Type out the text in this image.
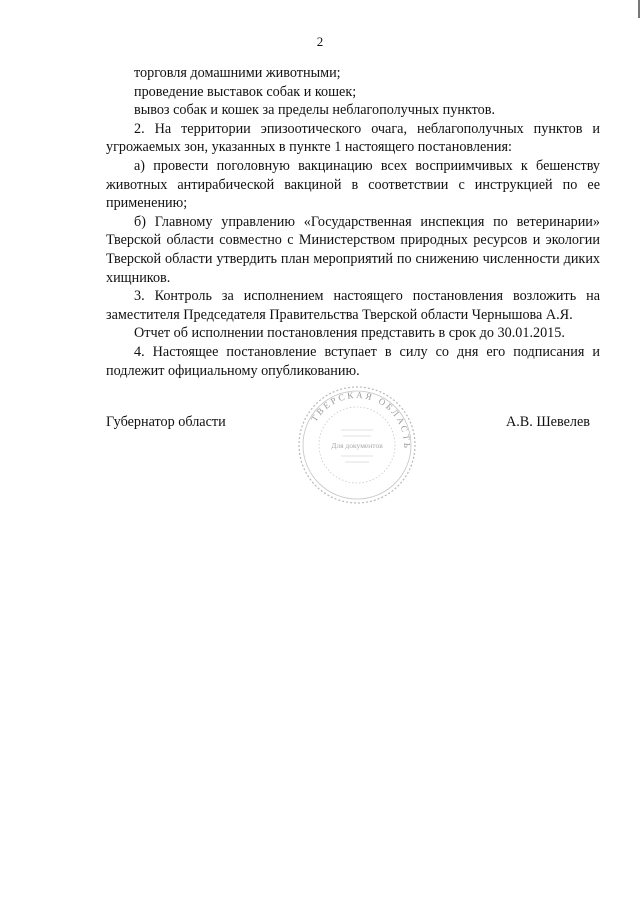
2

торговля домашними животными;

проведение выставок собак и кошек;

вывоз собак и кошек за пределы неблагополучных пунктов.

2. На территории эпизоотического очага, неблагополучных пунктов и угрожаемых зон, указанных в пункте 1 настоящего постановления:

а) провести поголовную вакцинацию всех восприимчивых к бешенству животных антирабической вакциной в соответствии с инструкцией по ее применению;

б) Главному управлению «Государственная инспекция по ветеринарии» Тверской области совместно с Министерством природных ресурсов и экологии Тверской области утвердить план мероприятий по снижению численности диких хищников.

3. Контроль за исполнением настоящего постановления возложить на заместителя Председателя Правительства Тверской области Чернышова А.Я.

Отчет об исполнении постановления представить в срок до 30.01.2015.

4. Настоящее постановление вступает в силу со дня его подписания и подлежит официальному опубликованию.

Губернатор области	А.В. Шевелев
ТВЕРСКАЯ ОБЛАСТЬ
Для документов
